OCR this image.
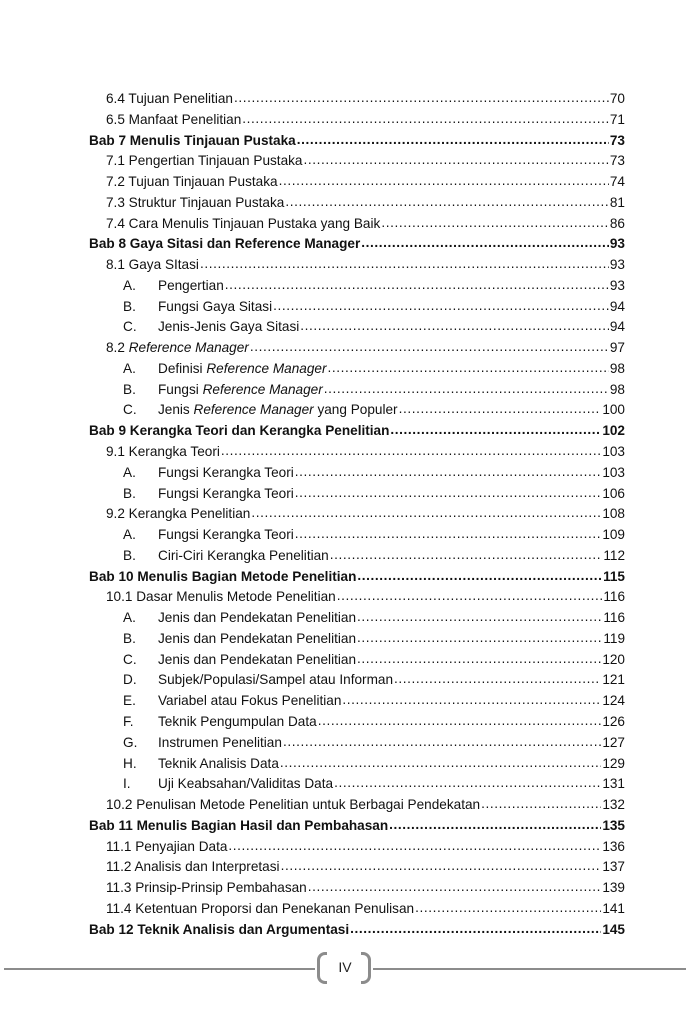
6.4 Tujuan Penelitian .....	70
6.5 Manfaat Penelitian .....	71
Bab 7 Menulis Tinjauan Pustaka .....	73
7.1 Pengertian Tinjauan Pustaka .....	73
7.2 Tujuan Tinjauan Pustaka .....	74
7.3 Struktur Tinjauan Pustaka .....	81
7.4 Cara Menulis Tinjauan Pustaka yang Baik .....	86
Bab 8 Gaya Sitasi dan Reference Manager .....	93
8.1 Gaya SItasi .....	93
A.	Pengertian .....	93
B.	Fungsi Gaya Sitasi .....	94
C.	Jenis-Jenis Gaya Sitasi .....	94
8.2 Reference Manager .....	97
A.	Definisi Reference Manager .....	98
B.	Fungsi Reference Manager .....	98
C.	Jenis Reference Manager yang Populer .....	100
Bab 9 Kerangka Teori dan Kerangka Penelitian .....	102
9.1 Kerangka Teori .....	103
A.	Fungsi Kerangka Teori .....	103
B.	Fungsi Kerangka Teori .....	106
9.2 Kerangka Penelitian .....	108
A.	Fungsi Kerangka Teori .....	109
B.	Ciri-Ciri Kerangka Penelitian .....	112
Bab 10 Menulis Bagian Metode Penelitian .....	115
10.1 Dasar Menulis Metode Penelitian .....	116
A.	Jenis dan Pendekatan Penelitian .....	116
B.	Jenis dan Pendekatan Penelitian .....	119
C.	Jenis dan Pendekatan Penelitian .....	120
D.	Subjek/Populasi/Sampel atau Informan .....	121
E.	Variabel atau Fokus Penelitian .....	124
F.	Teknik Pengumpulan Data .....	126
G.	Instrumen Penelitian .....	127
H.	Teknik Analisis Data .....	129
I.	Uji Keabsahan/Validitas Data .....	131
10.2 Penulisan Metode Penelitian untuk Berbagai Pendekatan .....	132
Bab 11 Menulis Bagian Hasil dan Pembahasan .....	135
11.1 Penyajian Data .....	136
11.2 Analisis dan Interpretasi .....	137
11.3 Prinsip-Prinsip Pembahasan .....	139
11.4 Ketentuan Proporsi dan Penekanan Penulisan .....	141
Bab 12 Teknik Analisis dan Argumentasi .....	145
IV
